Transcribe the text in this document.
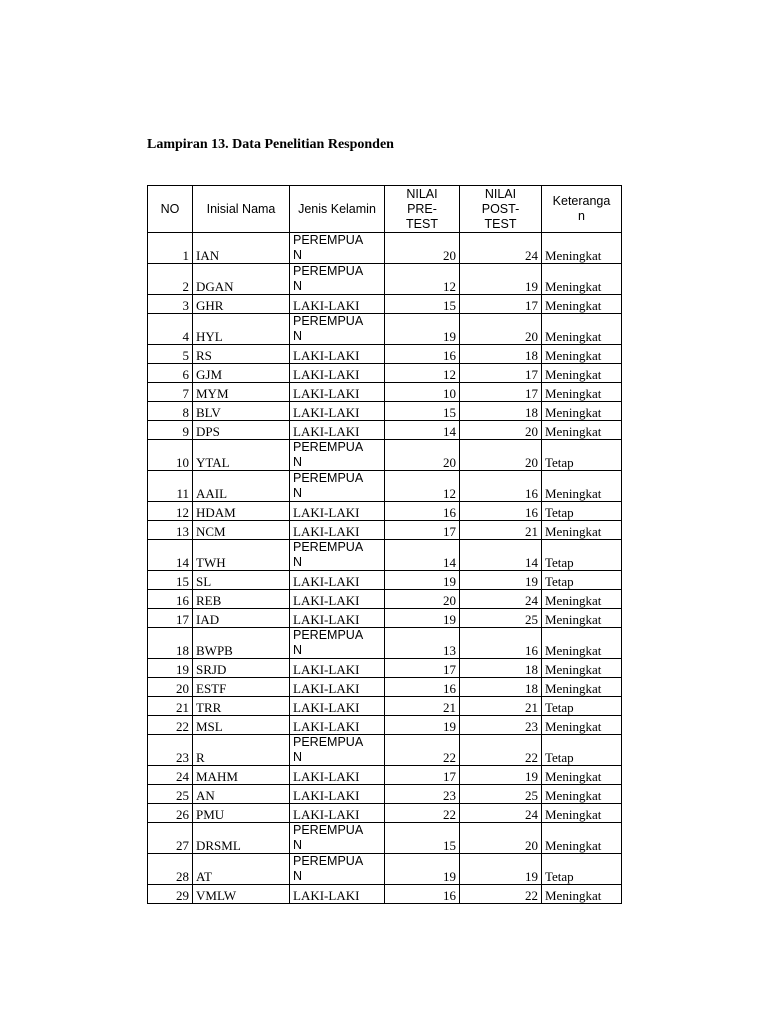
Lampiran 13. Data Penelitian Responden
NO	Inisial Nama	Jenis Kelamin	NILAI
PRE-
TEST	NILAI
POST-
TEST	Keteranga
n

1	IAN	PEREMPUA
N	20	24	Meningkat
2	DGAN	PEREMPUA
N	12	19	Meningkat
3	GHR	LAKI-LAKI	15	17	Meningkat
4	HYL	PEREMPUA
N	19	20	Meningkat
5	RS	LAKI-LAKI	16	18	Meningkat
6	GJM	LAKI-LAKI	12	17	Meningkat
7	MYM	LAKI-LAKI	10	17	Meningkat
8	BLV	LAKI-LAKI	15	18	Meningkat
9	DPS	LAKI-LAKI	14	20	Meningkat
10	YTAL	PEREMPUA
N	20	20	Tetap
11	AAIL	PEREMPUA
N	12	16	Meningkat
12	HDAM	LAKI-LAKI	16	16	Tetap
13	NCM	LAKI-LAKI	17	21	Meningkat
14	TWH	PEREMPUA
N	14	14	Tetap
15	SL	LAKI-LAKI	19	19	Tetap
16	REB	LAKI-LAKI	20	24	Meningkat
17	IAD	LAKI-LAKI	19	25	Meningkat
18	BWPB	PEREMPUA
N	13	16	Meningkat
19	SRJD	LAKI-LAKI	17	18	Meningkat
20	ESTF	LAKI-LAKI	16	18	Meningkat
21	TRR	LAKI-LAKI	21	21	Tetap
22	MSL	LAKI-LAKI	19	23	Meningkat
23	R	PEREMPUA
N	22	22	Tetap
24	MAHM	LAKI-LAKI	17	19	Meningkat
25	AN	LAKI-LAKI	23	25	Meningkat
26	PMU	LAKI-LAKI	22	24	Meningkat
27	DRSML	PEREMPUA
N	15	20	Meningkat
28	AT	PEREMPUA
N	19	19	Tetap
29	VMLW	LAKI-LAKI	16	22	Meningkat
